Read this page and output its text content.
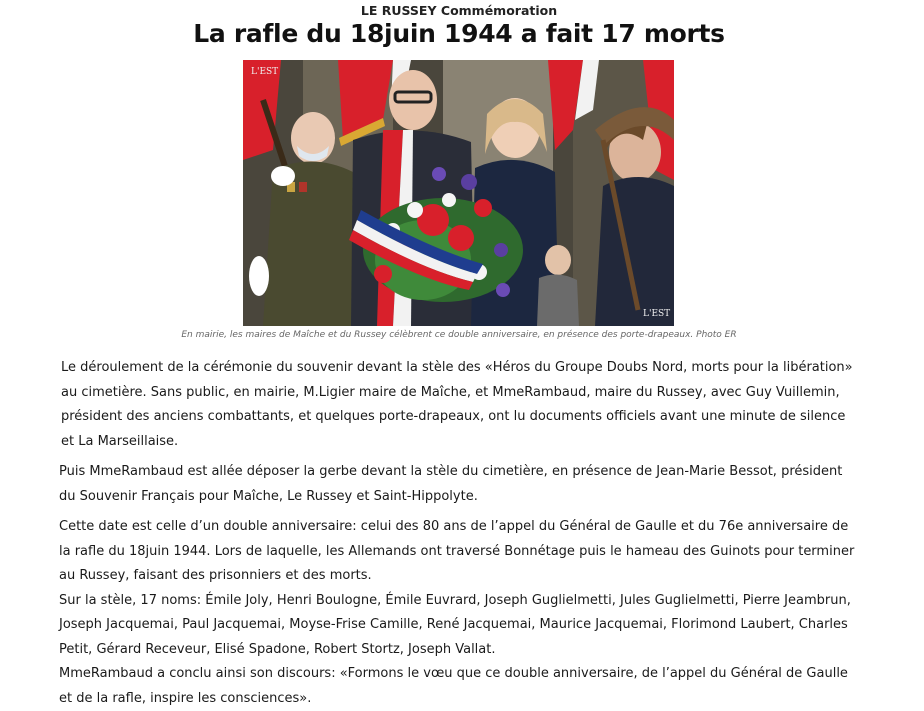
LE RUSSEY Commémoration
La rafle du 18juin 1944 a fait 17 morts
L'EST
L'EST
En mairie, les maires de Maîche et du Russey célèbrent ce double anniversaire, en présence des porte-drapeaux. Photo ER

Le déroulement de la cérémonie du souvenir devant la stèle des «Héros du Groupe Doubs Nord, morts pour la libération» au cimetière. Sans public, en mairie, M.Ligier maire de Maîche, et MmeRambaud, maire du Russey, avec Guy Vuillemin, président des anciens combattants, et quelques porte-drapeaux, ont lu documents officiels avant une minute de silence et La Marseillaise.

Puis MmeRambaud est allée déposer la gerbe devant la stèle du cimetière, en présence de Jean-Marie Bessot, président du Souvenir Français pour Maîche, Le Russey et Saint-Hippolyte.

Cette date est celle d’un double anniversaire: celui des 80 ans de l’appel du Général de Gaulle et du 76e anniversaire de la rafle du 18juin 1944. Lors de laquelle, les Allemands ont traversé Bonnétage puis le hameau des Guinots pour terminer au Russey, faisant des prisonniers et des morts.

Sur la stèle, 17 noms: Émile Joly, Henri Boulogne, Émile Euvrard, Joseph Guglielmetti, Jules Guglielmetti, Pierre Jeambrun, Joseph Jacquemai, Paul Jacquemai, Moyse-Frise Camille, René Jacquemai, Maurice Jacquemai, Florimond Laubert, Charles Petit, Gérard Receveur, Elisé Spadone, Robert Stortz, Joseph Vallat.

MmeRambaud a conclu ainsi son discours: «Formons le vœu que ce double anniversaire, de l’appel du Général de Gaulle et de la rafle, inspire les consciences».
